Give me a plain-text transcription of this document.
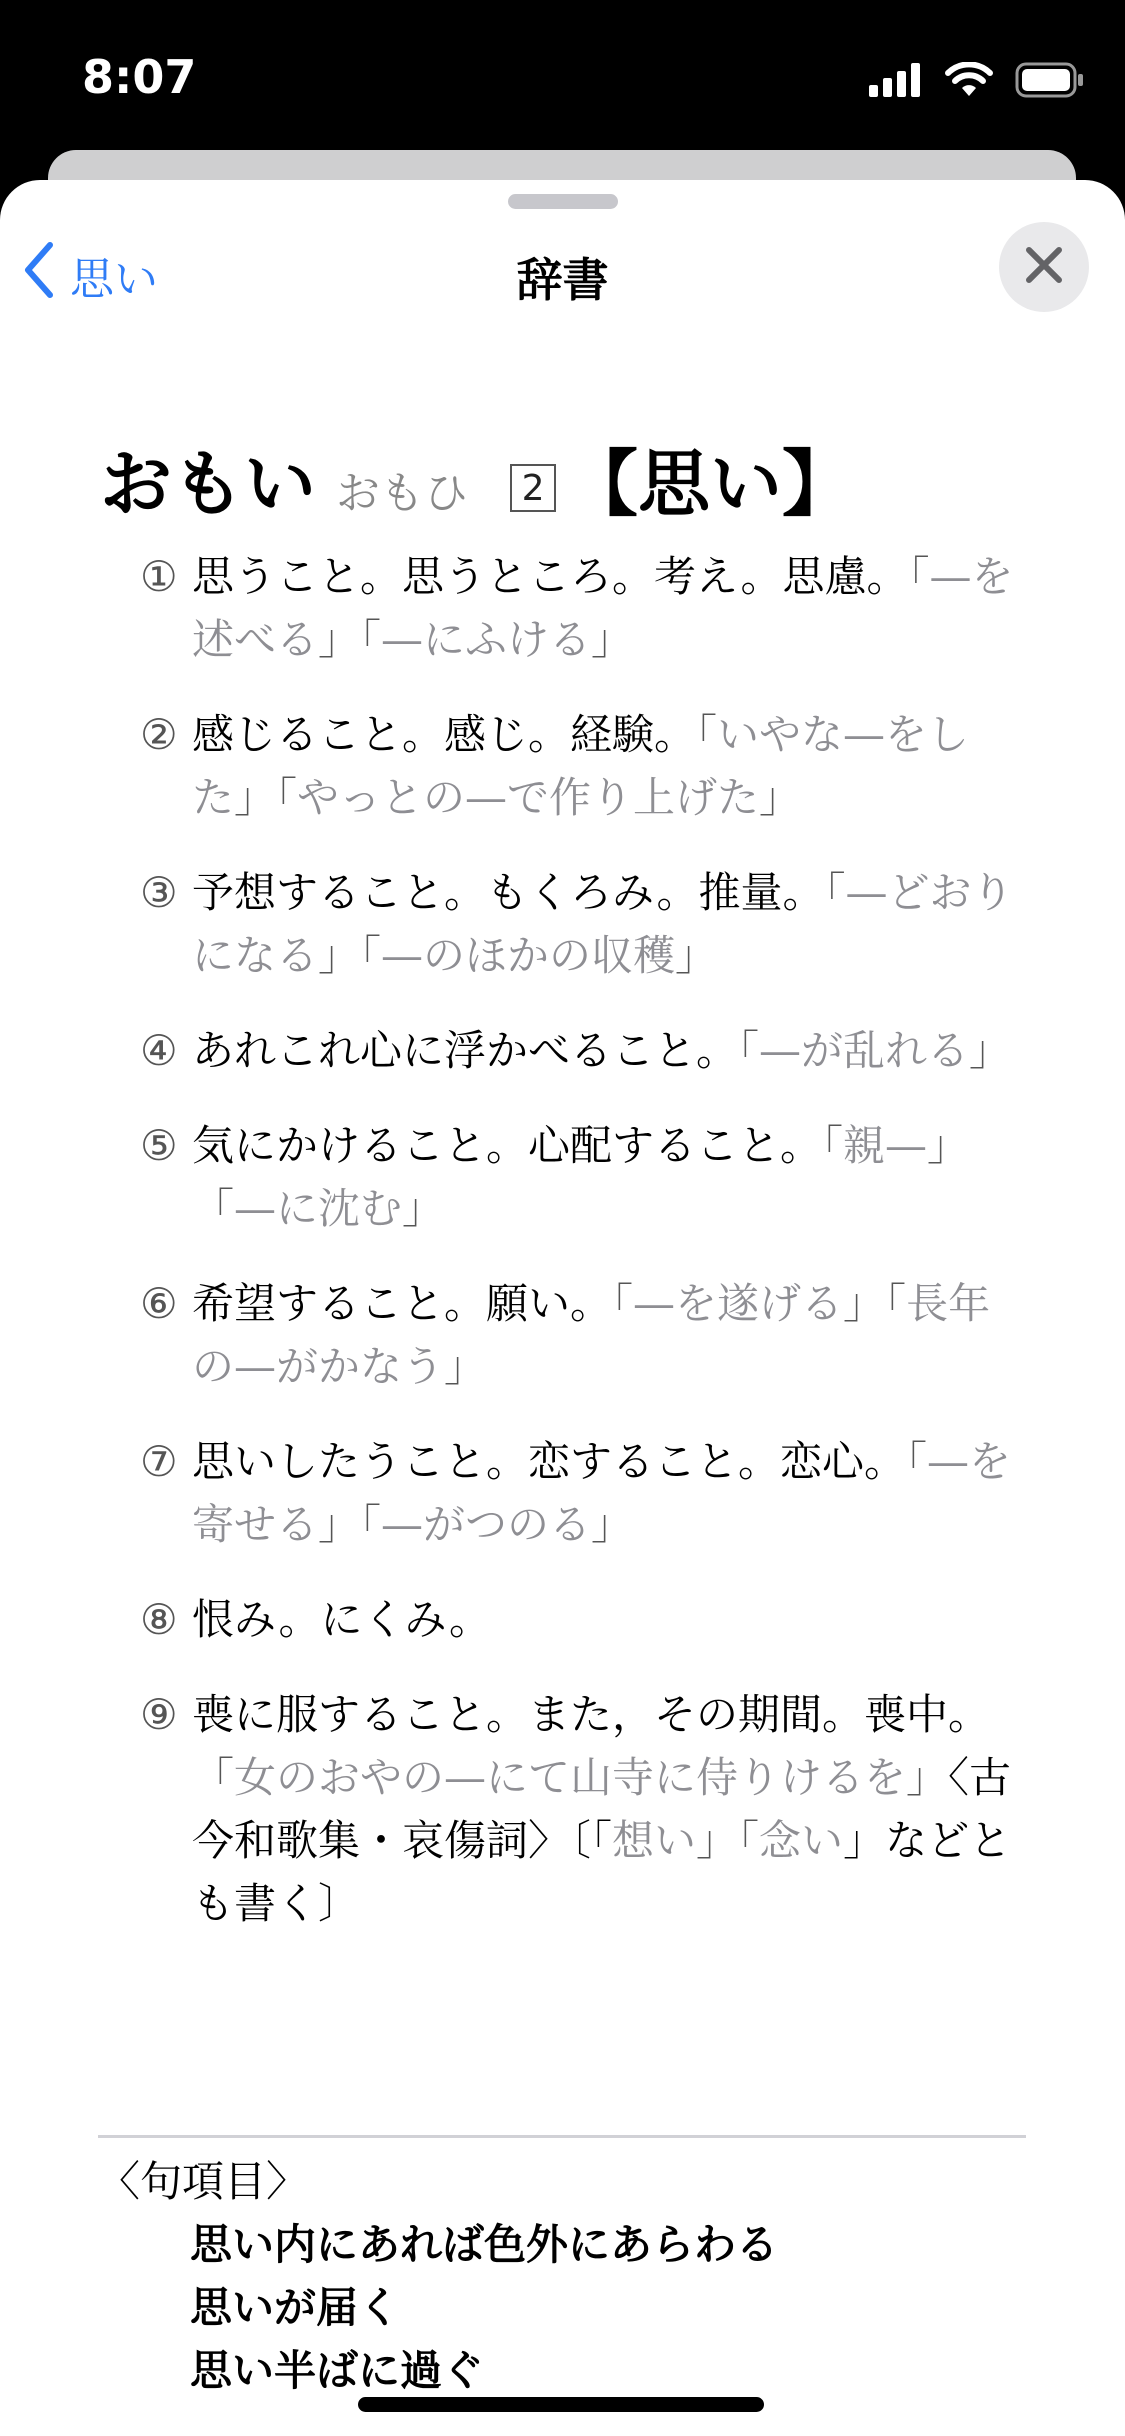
8:07
思い	辞書
おもい おもひ	2 【思い】
① 思うこと。思うところ。考え。思慮。「—を述べる」「—にふける」
② 感じること。感じ。経験。「いやな—をした」「やっとの—で作り上げた」
③ 予想すること。もくろみ。推量。「—どおりになる」「—のほかの収穫」
④ あれこれ心に浮かべること。「—が乱れる」
⑤ 気にかけること。心配すること。「親—」「—に沈む」
⑥ 希望すること。願い。「—を遂げる」「長年の—がかなう」
⑦ 思いしたうこと。恋すること。恋心。「—を寄せる」「—がつのる」
⑧ 恨み。にくみ。
⑨ 喪に服すること。また，その期間。喪中。「女のおやの—にて山寺に侍りけるを」〈古今和歌集・哀傷詞〉〔「想い」「念い」などとも書く〕
〈句項目〉
思い内にあれば色外にあらわる
思いが届く
思い半ばに過ぐ
